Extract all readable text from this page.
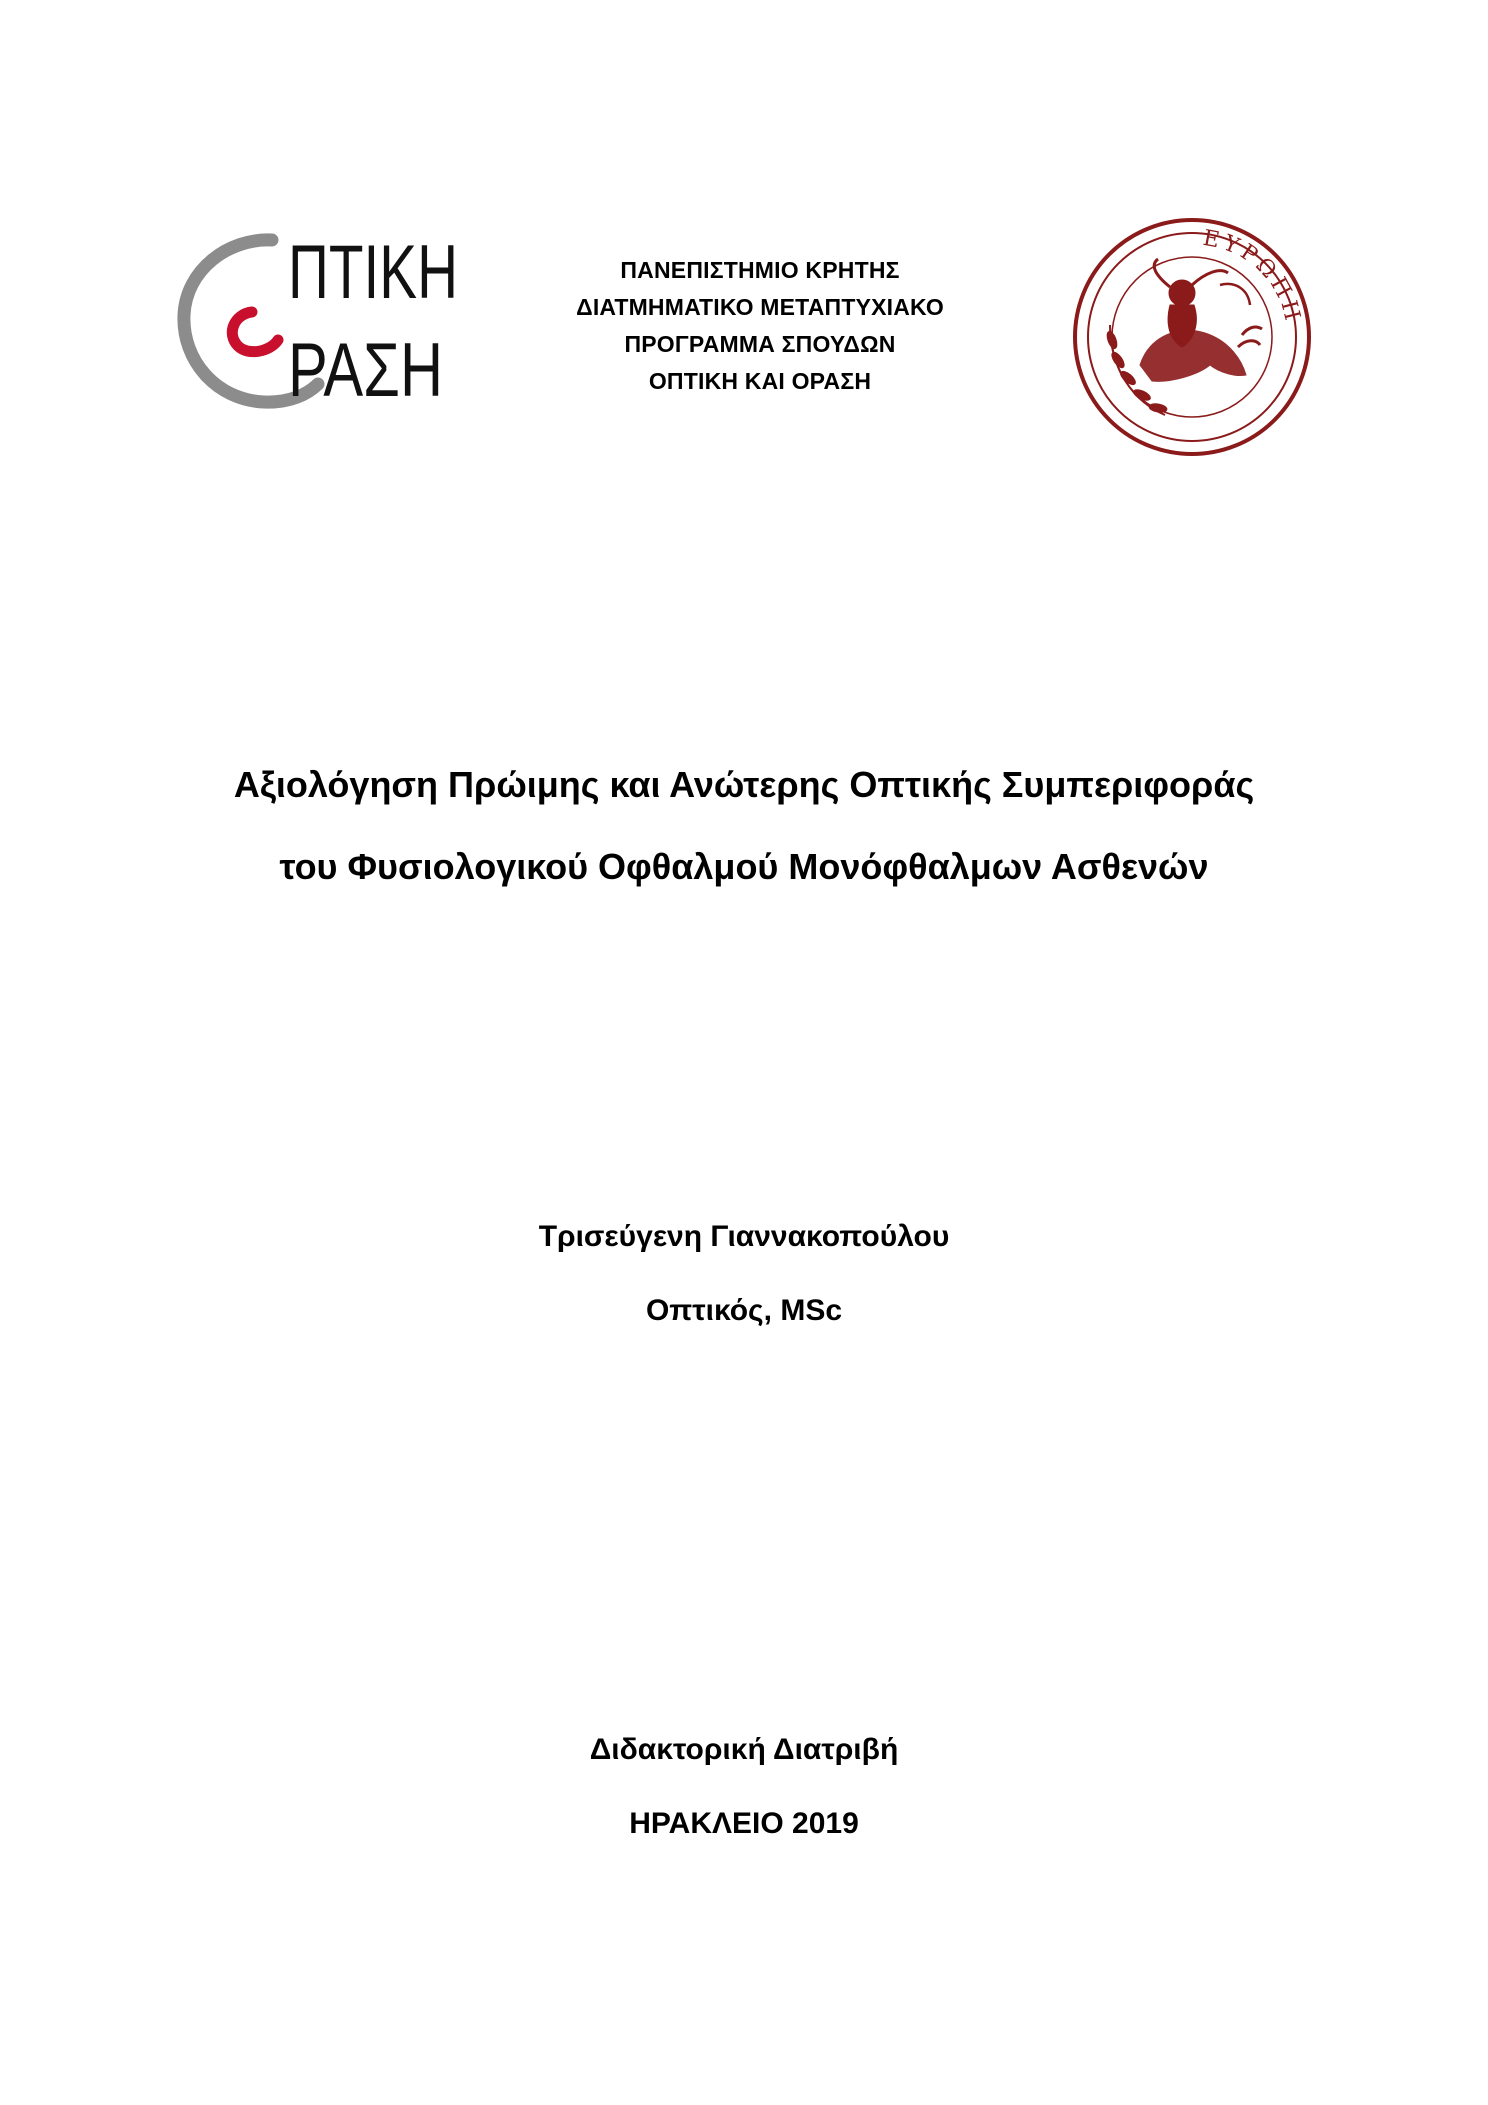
ΠΤΙΚΗ
ΡΑΣΗ
ΠΑΝΕΠΙΣΤΗΜΙΟ ΚΡΗΤΗΣ
ΔΙΑΤΜΗΜΑΤΙΚΟ ΜΕΤΑΠΤΥΧΙΑΚΟ
ΠΡΟΓΡΑΜΜΑ ΣΠΟΥΔΩΝ
ΟΠΤΙΚΗ ΚΑΙ ΟΡΑΣΗ
ΕΥΡΩΠΗ
Αξιολόγηση Πρώιμης και Ανώτερης Οπτικής Συμπεριφοράς
του Φυσιολογικού Οφθαλμού Μονόφθαλμων Ασθενών
Τρισεύγενη Γιαννακοπούλου
Οπτικός, MSc
Διδακτορική Διατριβή
ΗΡΑΚΛΕΙΟ 2019
